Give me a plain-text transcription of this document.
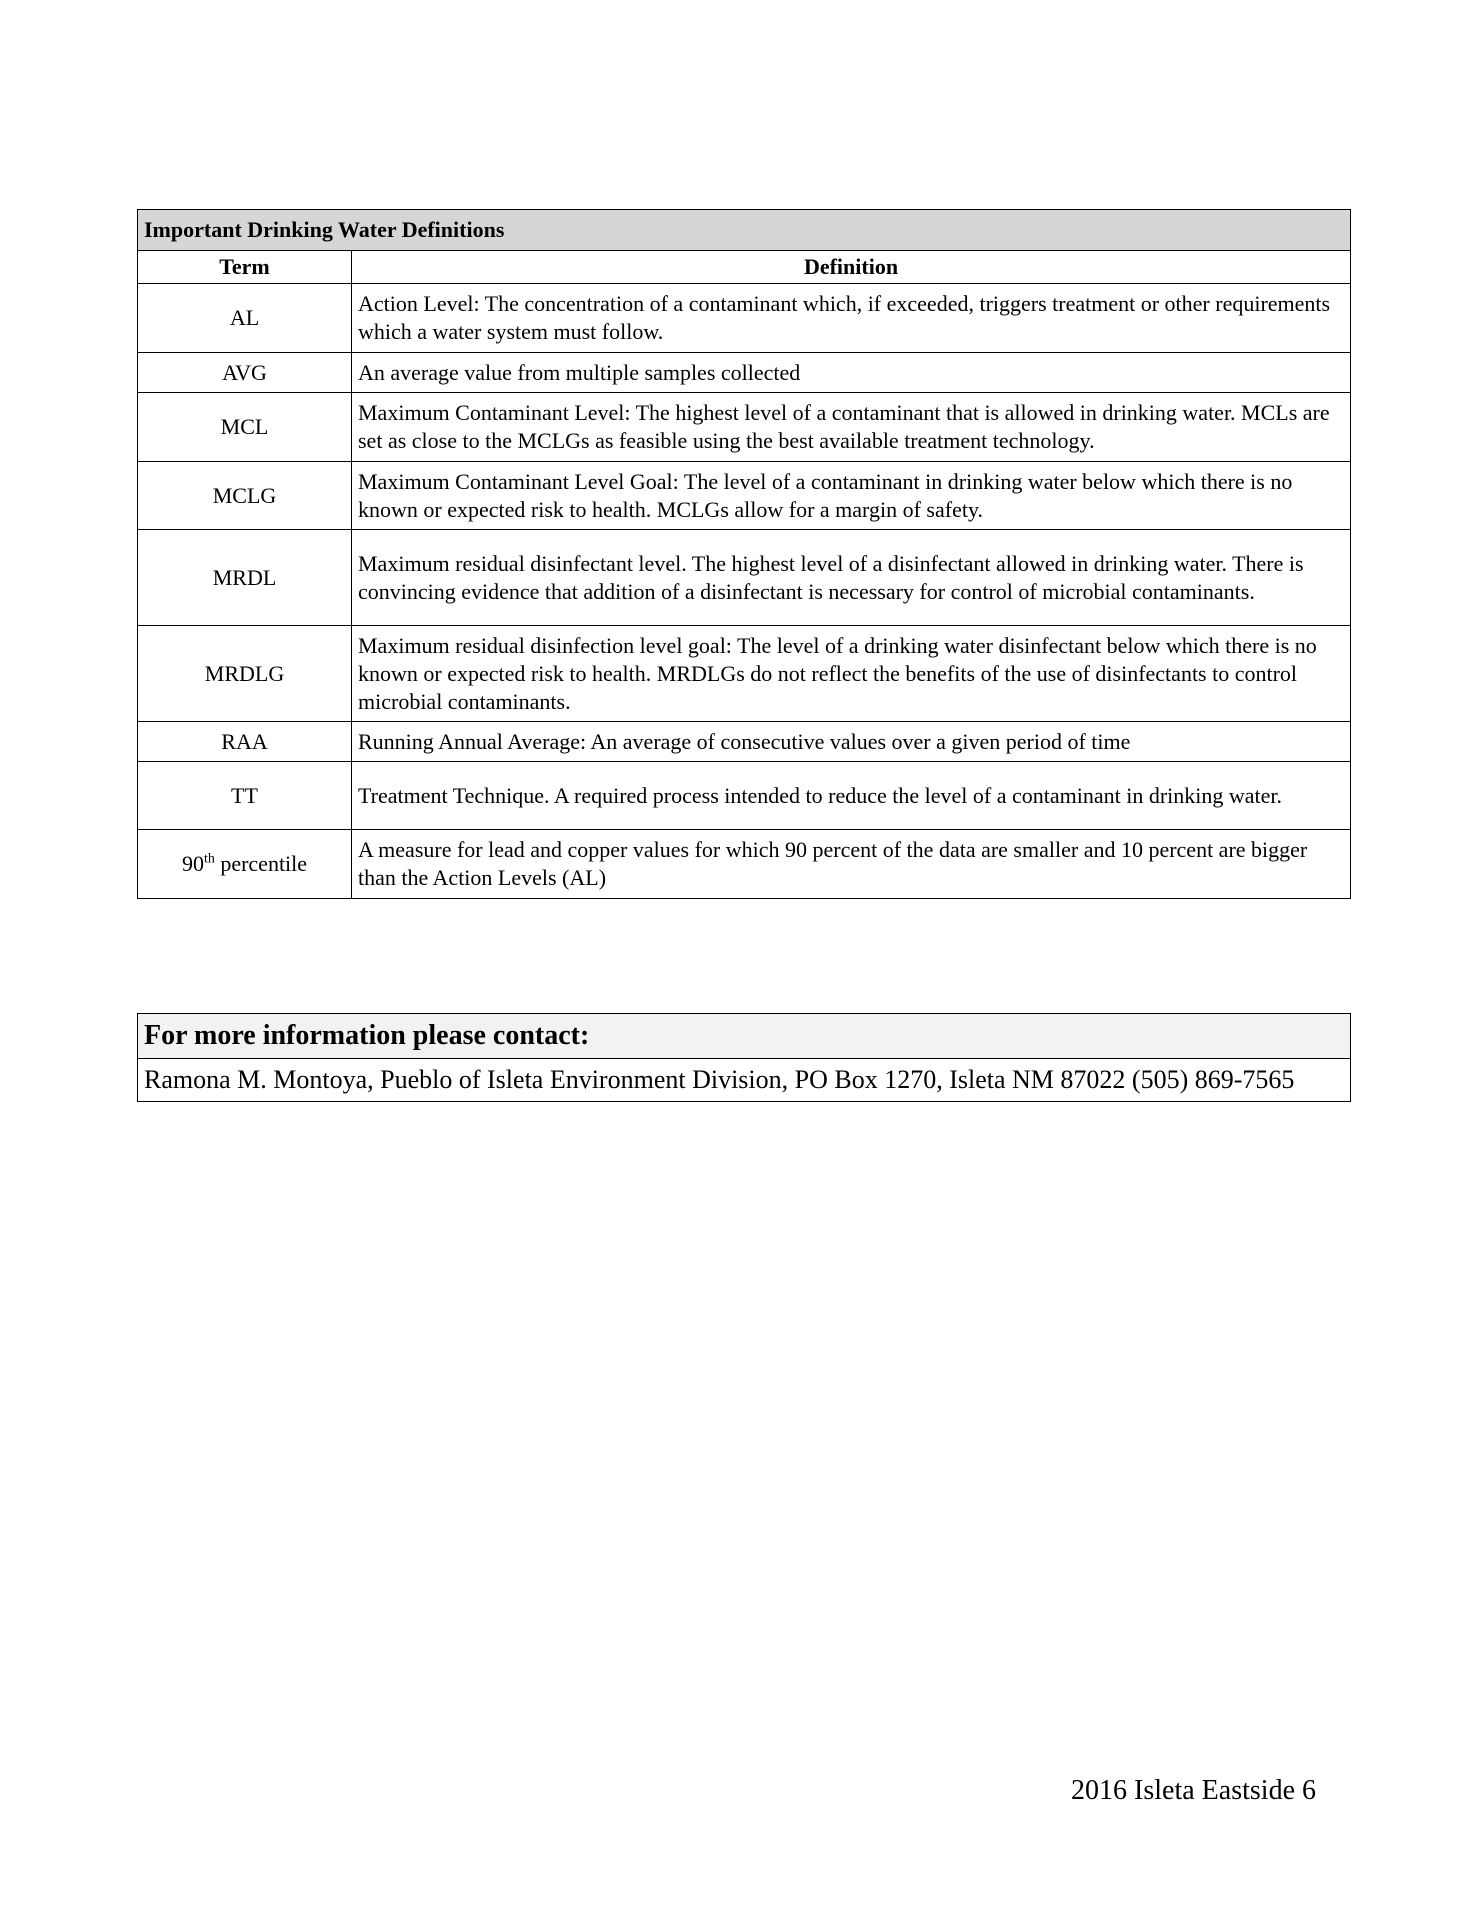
Important Drinking Water Definitions	
Term	Definition
AL	Action Level: The concentration of a contaminant which, if exceeded, triggers treatment or other requirements which a water system must follow.
AVG	An average value from multiple samples collected
MCL	Maximum Contaminant Level: The highest level of a contaminant that is allowed in drinking water. MCLs are set as close to the MCLGs as feasible using the best available treatment technology.
MCLG	Maximum Contaminant Level Goal: The level of a contaminant in drinking water below which there is no known or expected risk to health. MCLGs allow for a margin of safety.
MRDL	Maximum residual disinfectant level. The highest level of a disinfectant allowed in drinking water. There is convincing evidence that addition of a disinfectant is necessary for control of microbial contaminants.
MRDLG	Maximum residual disinfection level goal: The level of a drinking water disinfectant below which there is no known or expected risk to health. MRDLGs do not reflect the benefits of the use of disinfectants to control microbial contaminants.
RAA	Running Annual Average: An average of consecutive values over a given period of time
TT	Treatment Technique. A required process intended to reduce the level of a contaminant in drinking water.
90th percentile	A measure for lead and copper values for which 90 percent of the data are smaller and 10 percent are bigger than the Action Levels (AL)
For more information please contact:
Ramona M. Montoya, Pueblo of Isleta Environment Division, PO Box 1270, Isleta NM 87022 (505) 869-7565
2016 Isleta Eastside 6
